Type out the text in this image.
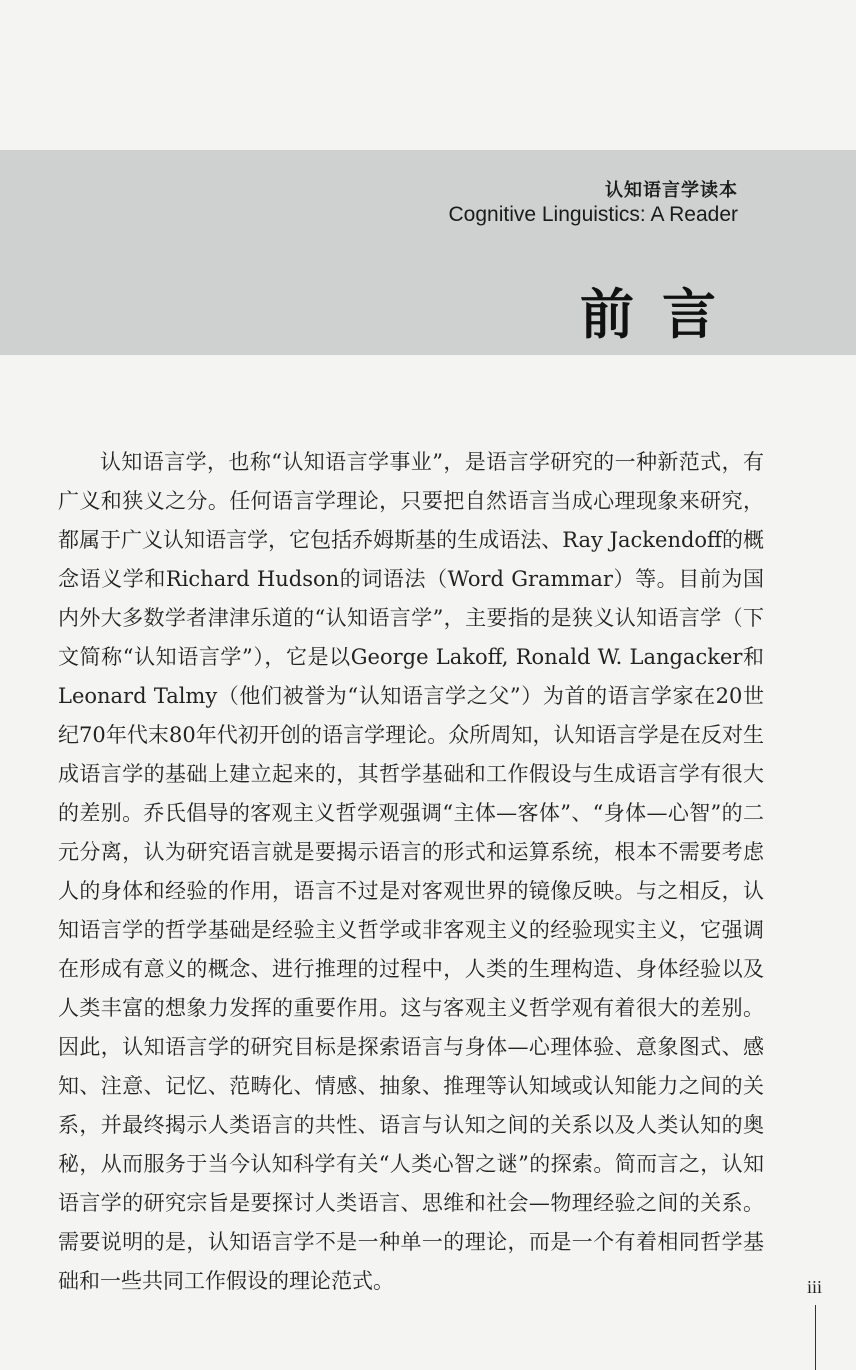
认知语言学读本
Cognitive Linguistics: A Reader
前言

认知语言学，也称“认知语言学事业”，是语言学研究的一种新范式，有广义和狭义之分。任何语言学理论，只要把自然语言当成心理现象来研究，都属于广义认知语言学，它包括乔姆斯基的生成语法、Ray Jackendoff的概念语义学和Richard Hudson的词语法（Word Grammar）等。目前为国内外大多数学者津津乐道的“认知语言学”，主要指的是狭义认知语言学（下文简称“认知语言学”），它是以George Lakoff, Ronald W. Langacker和Leonard Talmy（他们被誉为“认知语言学之父”）为首的语言学家在20世纪70年代末80年代初开创的语言学理论。众所周知，认知语言学是在反对生成语言学的基础上建立起来的，其哲学基础和工作假设与生成语言学有很大的差别。乔氏倡导的客观主义哲学观强调“主体—客体”、“身体—心智”的二元分离，认为研究语言就是要揭示语言的形式和运算系统，根本不需要考虑人的身体和经验的作用，语言不过是对客观世界的镜像反映。与之相反，认知语言学的哲学基础是经验主义哲学或非客观主义的经验现实主义，它强调在形成有意义的概念、进行推理的过程中，人类的生理构造、身体经验以及人类丰富的想象力发挥的重要作用。这与客观主义哲学观有着很大的差别。因此，认知语言学的研究目标是探索语言与身体—心理体验、意象图式、感知、注意、记忆、范畴化、情感、抽象、推理等认知域或认知能力之间的关系，并最终揭示人类语言的共性、语言与认知之间的关系以及人类认知的奥秘，从而服务于当今认知科学有关“人类心智之谜”的探索。简而言之，认知语言学的研究宗旨是要探讨人类语言、思维和社会—物理经验之间的关系。需要说明的是，认知语言学不是一种单一的理论，而是一个有着相同哲学基础和一些共同工作假设的理论范式。	iii
